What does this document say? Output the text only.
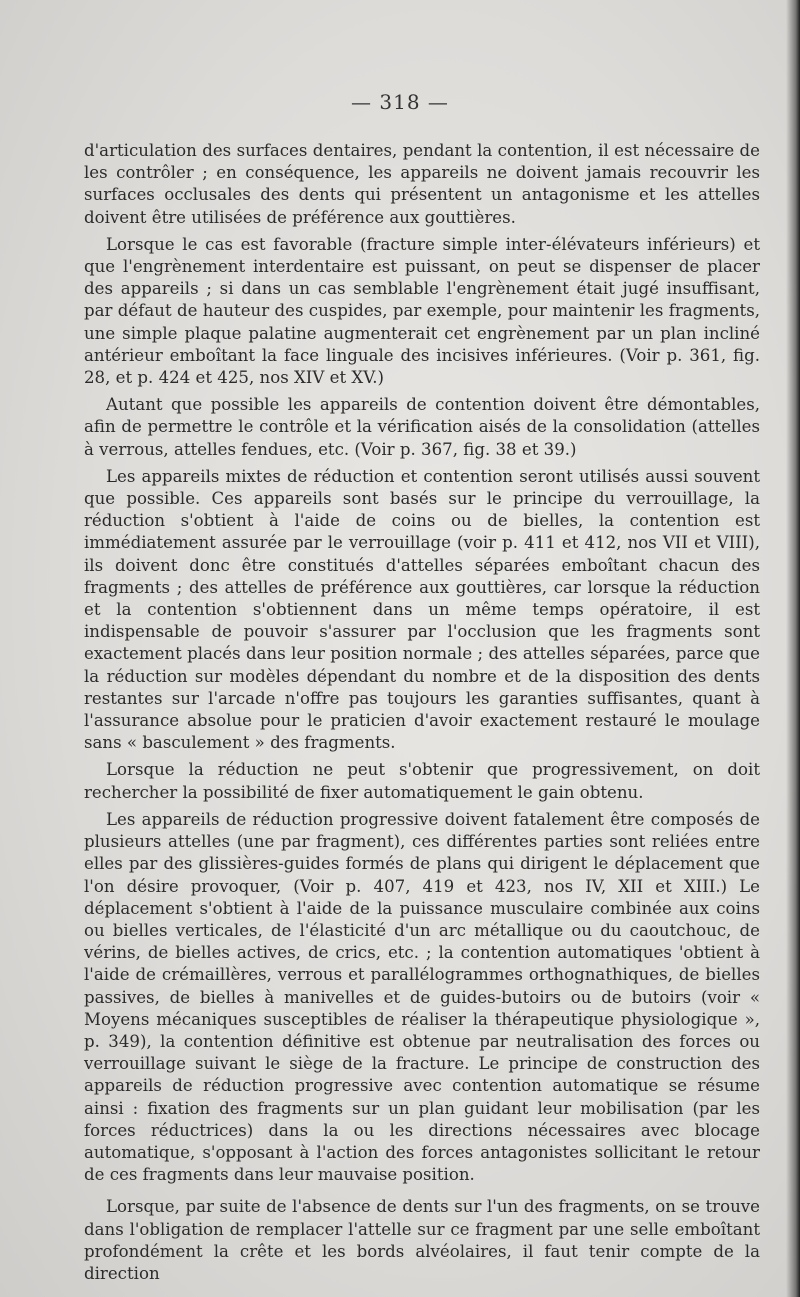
— 318 —

d'articulation des surfaces dentaires, pendant la contention, il est nécessaire de les contrôler ; en conséquence, les appareils ne doivent jamais recouvrir les surfaces occlusales des dents qui présentent un antagonisme et les attelles doivent être utilisées de préférence aux gouttières.

Lorsque le cas est favorable (fracture simple inter-élévateurs inférieurs) et que l'engrènement interdentaire est puissant, on peut se dispenser de placer des appareils ; si dans un cas semblable l'engrènement était jugé insuffisant, par défaut de hauteur des cuspides, par exemple, pour maintenir les fragments, une simple plaque palatine augmenterait cet engrènement par un plan incliné antérieur emboîtant la face linguale des incisives inférieures. (Voir p. 361, fig. 28, et p. 424 et 425, nos XIV et XV.)

Autant que possible les appareils de contention doivent être démontables, afin de permettre le contrôle et la vérification aisés de la consolidation (attelles à verrous, attelles fendues, etc. (Voir p. 367, fig. 38 et 39.)

Les appareils mixtes de réduction et contention seront utilisés aussi souvent que possible. Ces appareils sont basés sur le principe du verrouillage, la réduction s'obtient à l'aide de coins ou de bielles, la contention est immédiatement assurée par le verrouillage (voir p. 411 et 412, nos VII et VIII), ils doivent donc être constitués d'attelles séparées emboîtant chacun des fragments ; des attelles de préférence aux gouttières, car lorsque la réduction et la contention s'obtiennent dans un même temps opératoire, il est indispensable de pouvoir s'assurer par l'occlusion que les fragments sont exactement placés dans leur position normale ; des attelles séparées, parce que la réduction sur modèles dépendant du nombre et de la disposition des dents restantes sur l'arcade n'offre pas toujours les garanties suffisantes, quant à l'assurance absolue pour le praticien d'avoir exactement restauré le moulage sans « basculement » des fragments.

Lorsque la réduction ne peut s'obtenir que progressivement, on doit rechercher la possibilité de fixer automatiquement le gain obtenu.

Les appareils de réduction progressive doivent fatalement être composés de plusieurs attelles (une par fragment), ces différentes parties sont reliées entre elles par des glissières-guides formés de plans qui dirigent le déplacement que l'on désire provoquer, (Voir p. 407, 419 et 423, nos IV, XII et XIII.) Le déplacement s'obtient à l'aide de la puissance musculaire combinée aux coins ou bielles verticales, de l'élasticité d'un arc métallique ou du caoutchouc, de vérins, de bielles actives, de crics, etc. ; la contention automatiques 'obtient à l'aide de crémaillères, verrous et parallélogrammes orthognathiques, de bielles passives, de bielles à manivelles et de guides-butoirs ou de butoirs (voir « Moyens mécaniques susceptibles de réaliser la thérapeutique physiologique », p. 349), la contention définitive est obtenue par neutralisation des forces ou verrouillage suivant le siège de la fracture. Le principe de construction des appareils de réduction progressive avec contention automatique se résume ainsi : fixation des fragments sur un plan guidant leur mobilisation (par les forces réductrices) dans la ou les directions nécessaires avec blocage automatique, s'opposant à l'action des forces antagonistes sollicitant le retour de ces fragments dans leur mauvaise position.

Lorsque, par suite de l'absence de dents sur l'un des fragments, on se trouve dans l'obligation de remplacer l'attelle sur ce fragment par une selle emboîtant profondément la crête et les bords alvéolaires, il faut tenir compte de la direction
